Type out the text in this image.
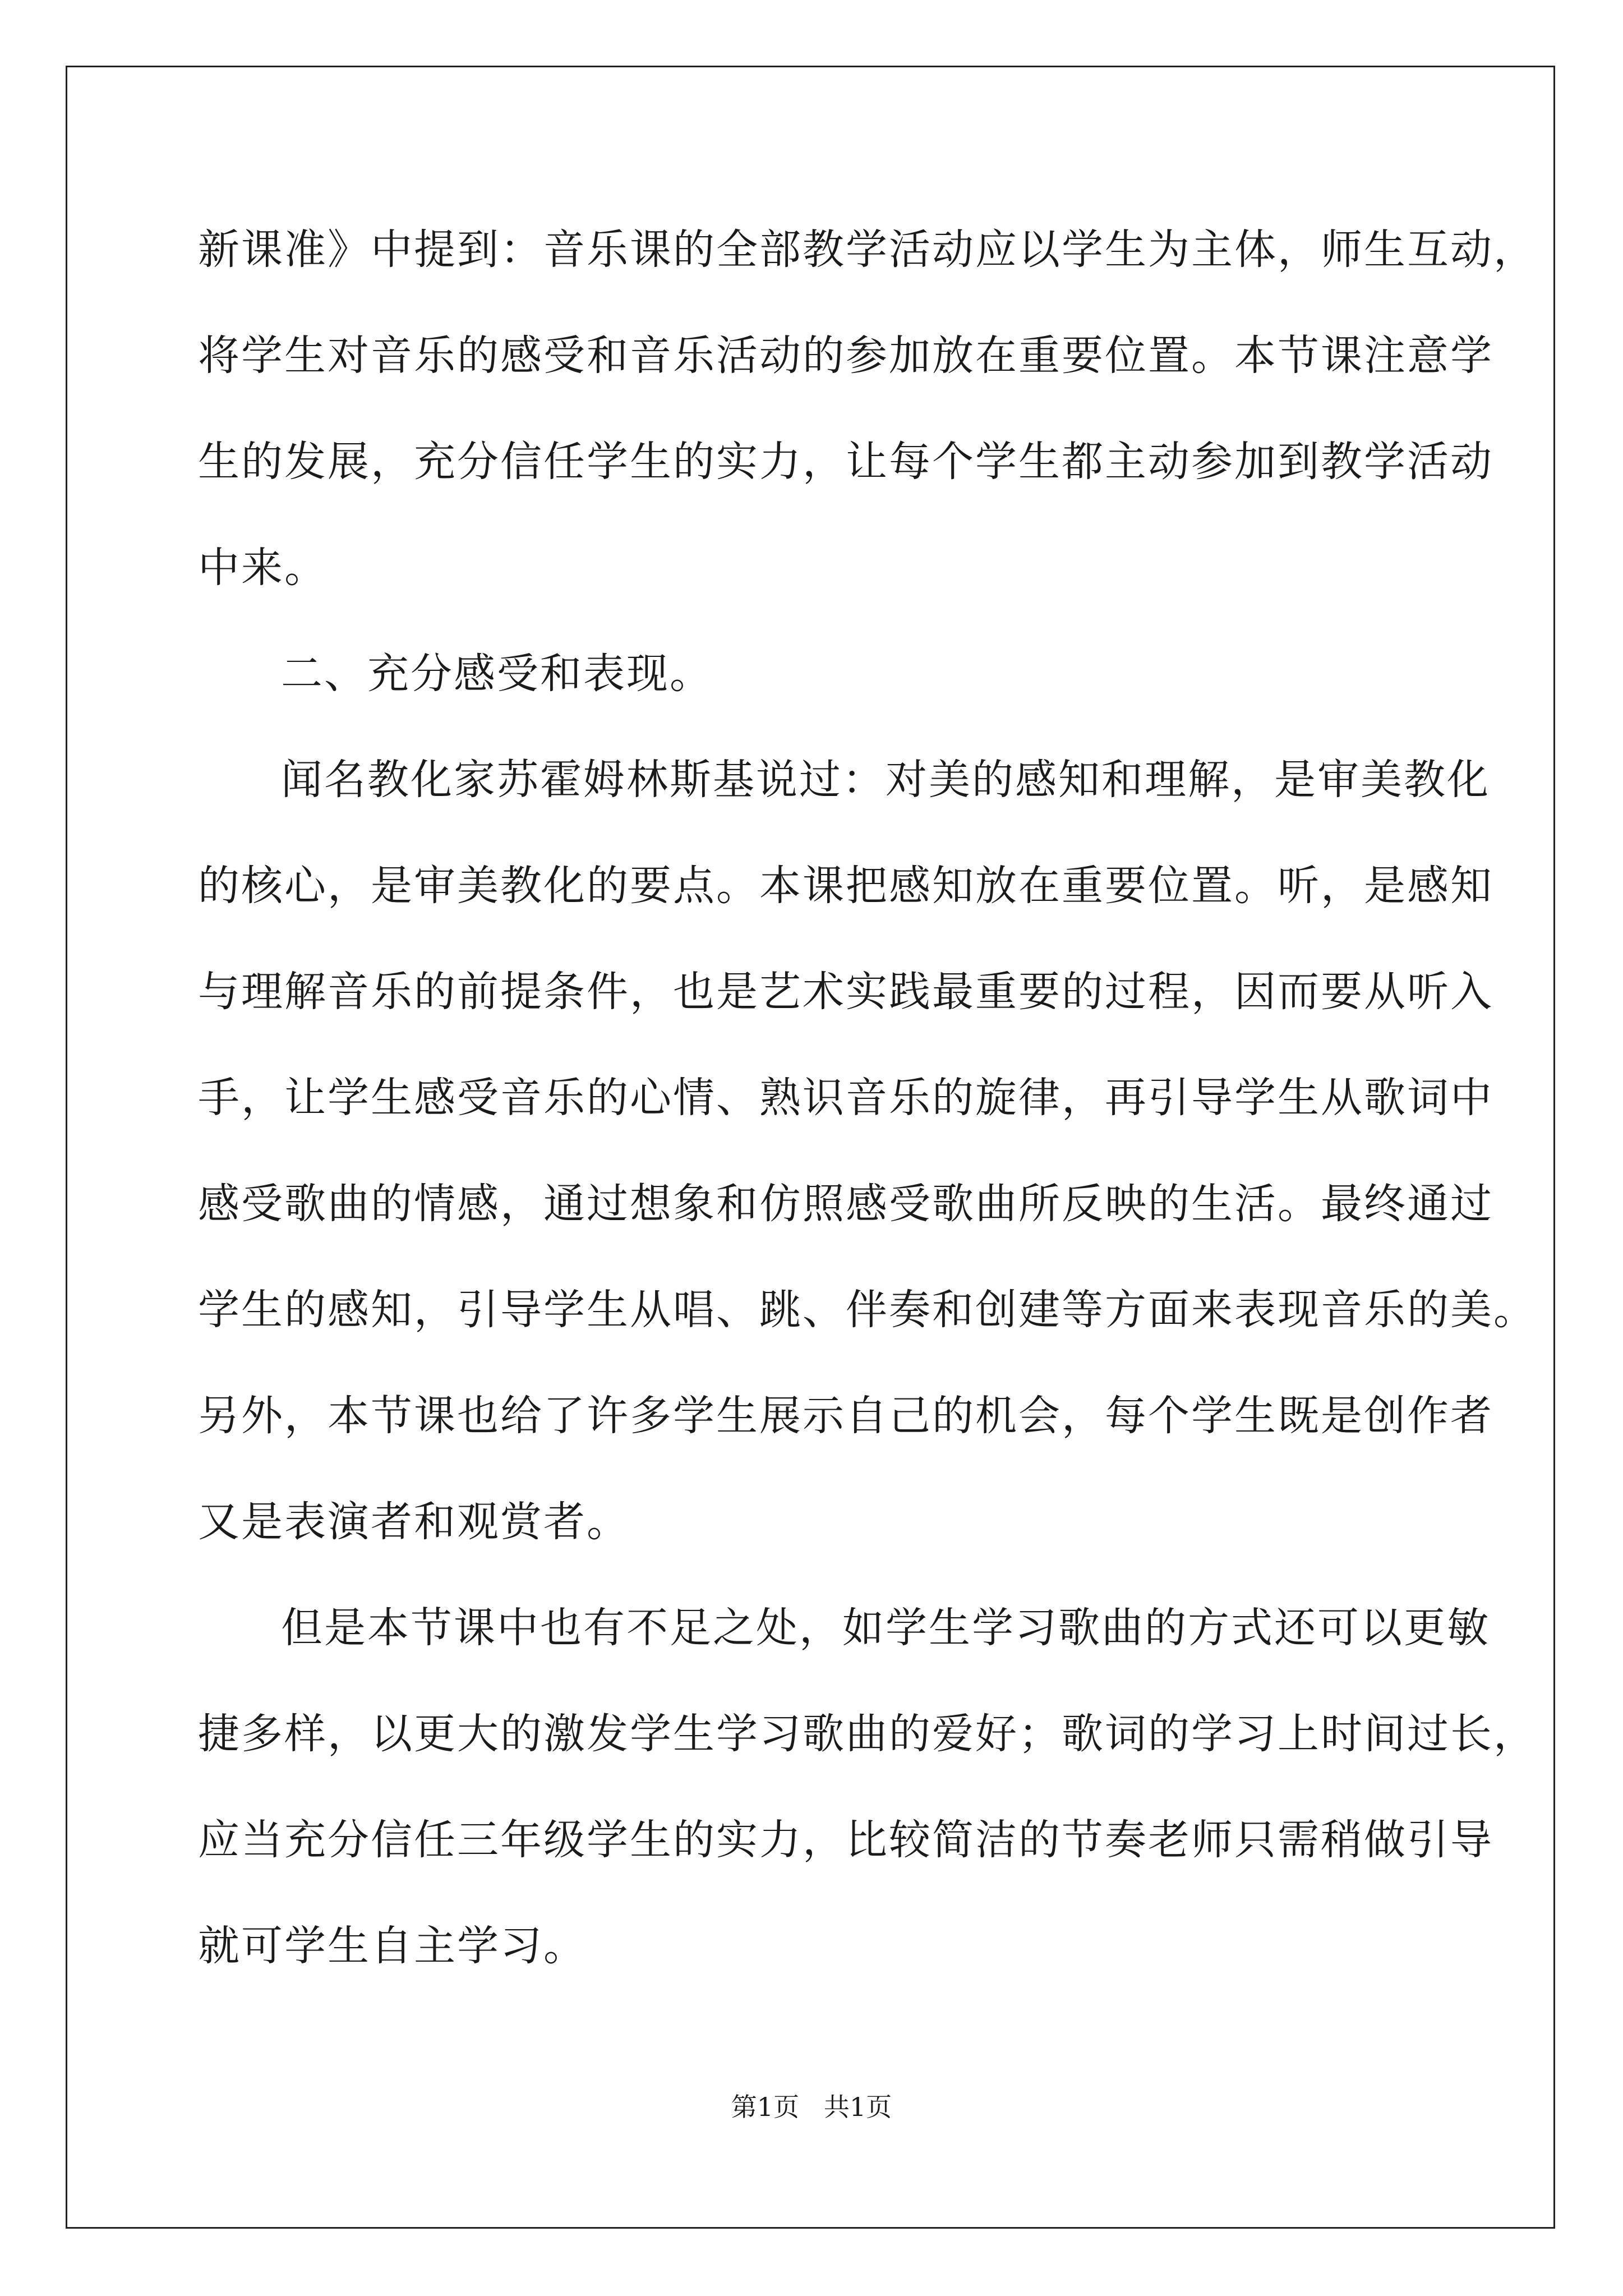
新课准》中提到：音乐课的全部教学活动应以学生为主体，师生互动，
将学生对音乐的感受和音乐活动的参加放在重要位置。本节课注意学
生的发展，充分信任学生的实力，让每个学生都主动参加到教学活动
中来。
二、充分感受和表现。
闻名教化家苏霍姆林斯基说过：对美的感知和理解，是审美教化
的核心，是审美教化的要点。本课把感知放在重要位置。听，是感知
与理解音乐的前提条件，也是艺术实践最重要的过程，因而要从听入
手，让学生感受音乐的心情、熟识音乐的旋律，再引导学生从歌词中
感受歌曲的情感，通过想象和仿照感受歌曲所反映的生活。最终通过
学生的感知，引导学生从唱、跳、伴奏和创建等方面来表现音乐的美。
另外，本节课也给了许多学生展示自己的机会，每个学生既是创作者
又是表演者和观赏者。
但是本节课中也有不足之处，如学生学习歌曲的方式还可以更敏
捷多样，以更大的激发学生学习歌曲的爱好；歌词的学习上时间过长，
应当充分信任三年级学生的实力，比较简洁的节奏老师只需稍做引导
就可学生自主学习。
第1页   共1页
